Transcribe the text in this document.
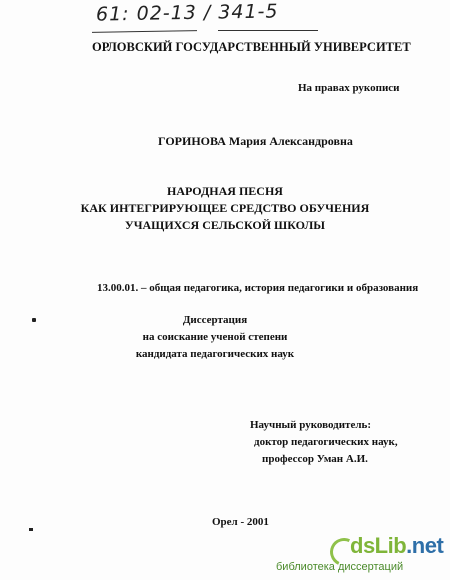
61: 02-13 / 341-5
ОРЛОВСКИЙ ГОСУДАРСТВЕННЫЙ УНИВЕРСИТЕТ
На правах рукописи
ГОРИНОВА Мария Александровна
НАРОДНАЯ ПЕСНЯ
КАК ИНТЕГРИРУЮЩЕЕ СРЕДСТВО ОБУЧЕНИЯ
УЧАЩИХСЯ СЕЛЬСКОЙ ШКОЛЫ
13.00.01. – общая педагогика, история педагогики и образования
Диссертация
на соискание ученой степени
кандидата педагогических наук
Научный руководитель:
доктор педагогических наук,
профессор Уман А.И.
Орел - 2001
dsLib.net
библиотека диссертаций
